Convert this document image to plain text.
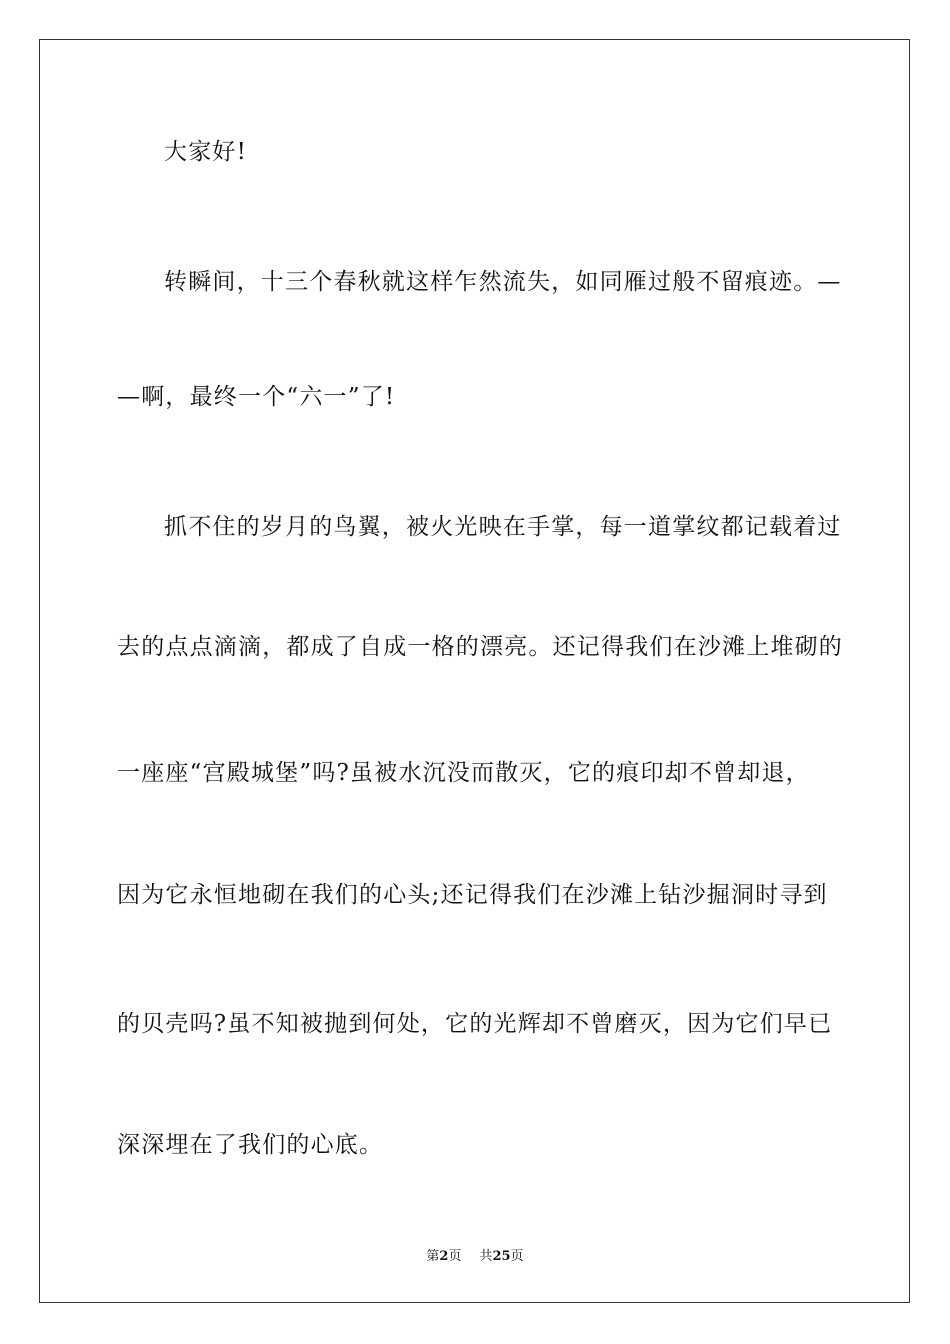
大家好!
转瞬间，十三个春秋就这样乍然流失，如同雁过般不留痕迹。—
—啊，最终一个“六一”了!
抓不住的岁月的鸟翼，被火光映在手掌，每一道掌纹都记载着过
去的点点滴滴，都成了自成一格的漂亮。还记得我们在沙滩上堆砌的
一座座“宫殿城堡”吗?虽被水沉没而散灭，它的痕印却不曾却退，
因为它永恒地砌在我们的心头;还记得我们在沙滩上钻沙掘洞时寻到
的贝壳吗?虽不知被抛到何处，它的光辉却不曾磨灭，因为它们早已
深深埋在了我们的心底。
第2页 共25页
